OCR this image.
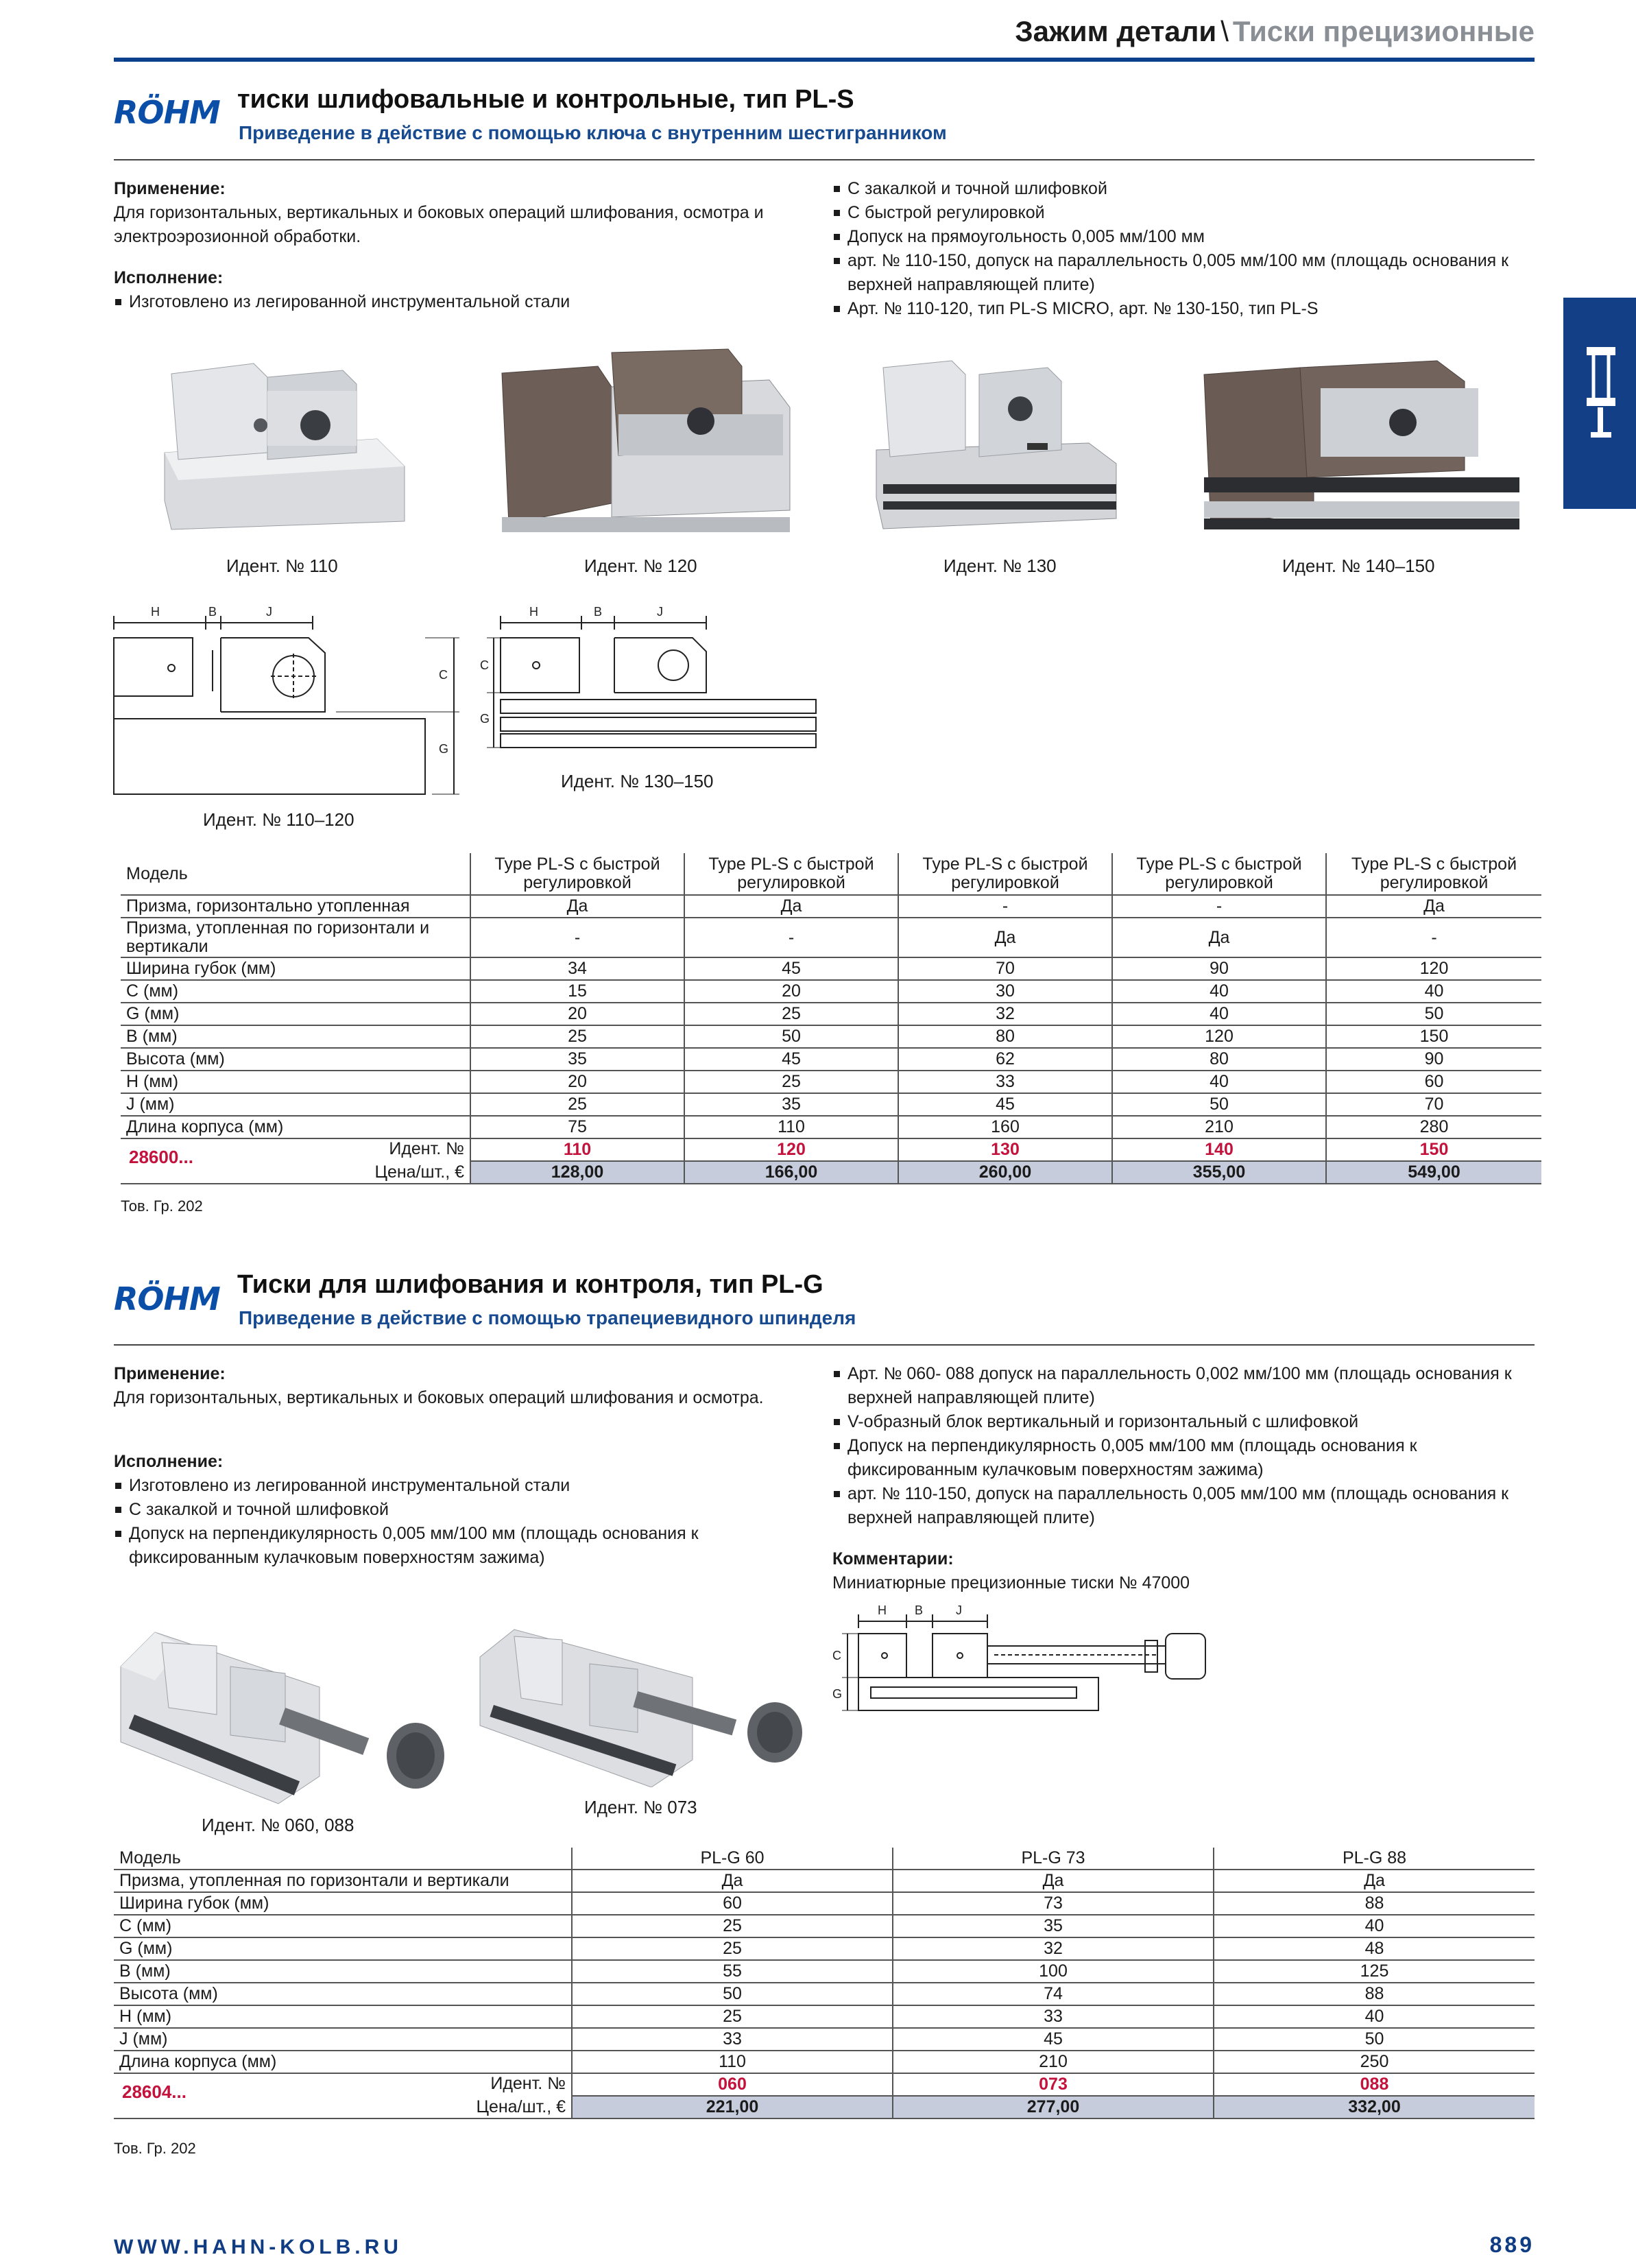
Зажим детали \ Тиски прецизионные
RÖHM тиски шлифовальные и контрольные, тип PL-S
Приведение в действие с помощью ключа с внутренним шестигранником
Применение:
Для горизонтальных, вертикальных и боковых операций шлифования, осмотра и электроэрозионной обработки.
Исполнение:
Изготовлено из легированной инструментальной стали
С закалкой и точной шлифовкой
С быстрой регулировкой
Допуск на прямоугольность 0,005 мм/100 мм
арт. № 110-150, допуск на параллельность 0,005 мм/100 мм (площадь основания к верхней направляющей плите)
Арт. № 110-120, тип PL-S MICRO, арт. № 130-150, тип PL-S
Идент. № 110	Идент. № 120	Идент. № 130	Идент. № 140–150
H	B	J
C
G
H	B	J
C
G
Идент. № 130–150
Идент. № 110–120
Модель	Type PL-S с быстрой регулировкой	Type PL-S с быстрой регулировкой	Type PL-S с быстрой регулировкой	Type PL-S с быстрой регулировкой	Type PL-S с быстрой регулировкой
Призма, горизонтально утопленная	Да	Да	-	-	Да
Призма, утопленная по горизонтали и вертикали	-	-	Да	Да	-
Ширина губок (мм)	34	45	70	90	120
C (мм)	15	20	30	40	40
G (мм)	20	25	32	40	50
B (мм)	25	50	80	120	150
Высота (мм)	35	45	62	80	90
H (мм)	20	25	33	40	60
J (мм)	25	35	45	50	70
Длина корпуса (мм)	75	110	160	210	280

28600... Идент. №	110	120	130	140	150
Цена/шт., €	128,00	166,00	260,00	355,00	549,00
Тов. Гр. 202
RÖHM Тиски для шлифования и контроля, тип PL-G
Приведение в действие с помощью трапециевидного шпинделя
Применение:
Для горизонтальных, вертикальных и боковых операций шлифования и осмотра.
Исполнение:
Изготовлено из легированной инструментальной стали
С закалкой и точной шлифовкой
Допуск на перпендикулярность 0,005 мм/100 мм (площадь основания к фиксированным кулачковым поверхностям зажима)
Арт. № 060- 088 допуск на параллельность 0,002 мм/100 мм (площадь основания к верхней направляющей плите)
V-образный блок вертикальный и горизонтальный с шлифовкой
Допуск на перпендикулярность 0,005 мм/100 мм (площадь основания к фиксированным кулачковым поверхностям зажима)
арт. № 110-150, допуск на параллельность 0,005 мм/100 мм (площадь основания к верхней направляющей плите)
Комментарии:
Миниатюрные прецизионные тиски № 47000
Идент. № 073
Идент. № 060, 088
H B	J
C
G
Модель	PL-G 60	PL-G 73	PL-G 88
Призма, утопленная по горизонтали и вертикали	Да	Да	Да
Ширина губок (мм)	60	73	88
C (мм)	25	35	40
G (мм)	25	32	48
B (мм)	55	100	125
Высота (мм)	50	74	88
H (мм)	25	33	40
J (мм)	33	45	50
Длина корпуса (мм)	110	210	250

28604... Идент. №	060	073	088
Цена/шт., €	221,00	277,00	332,00
Тов. Гр. 202
WWW.HAHN-KOLB.RU	889
